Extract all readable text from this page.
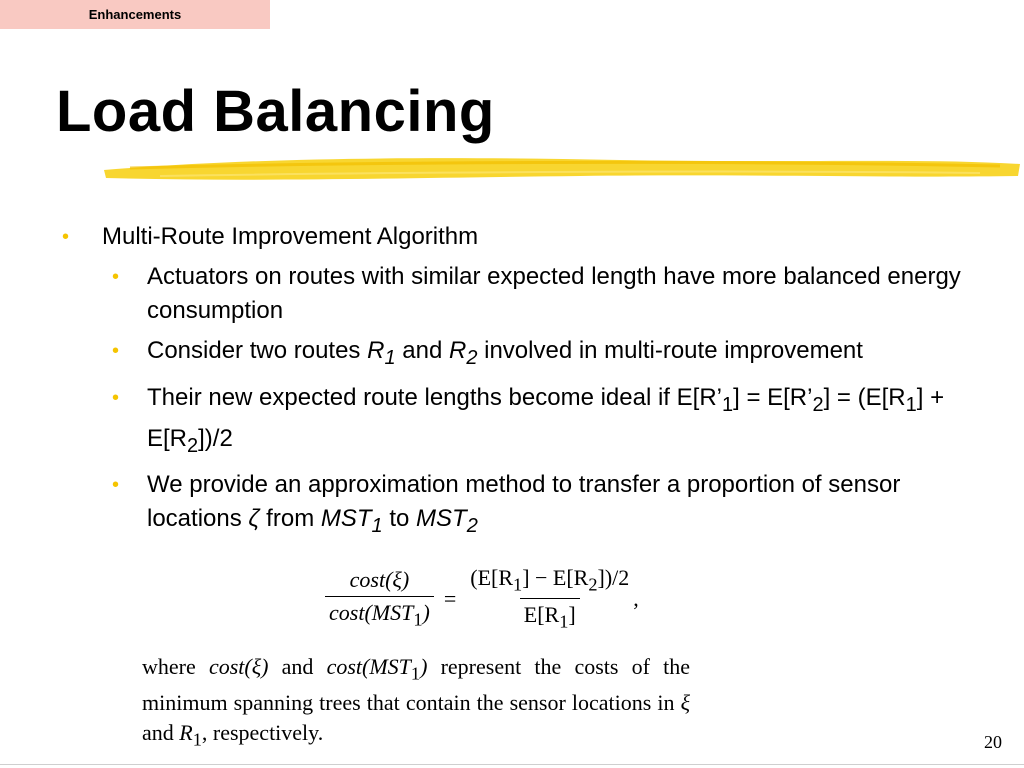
Enhancements
Load Balancing
• Multi-Route Improvement Algorithm
• Actuators on routes with similar expected length have more balanced energy consumption
• Consider two routes $R_1$ and $R_2$ involved in multi-route improvement
• Their new expected route lengths become ideal if $E[R’_1]$ = $E[R’_2] = (E[R_1] + E[R_2])/2$
• We provide an approximation method to transfer a proportion of sensor locations ζ from $MST_1$ to $MST_2$
$\frac{\cos t(\xi)}{\cos t(MST_1)} = \frac{(E[R_1] - E[R_2])/2}{E[R_1]}$ ,
where cost(ξ) and $\cos t(MST_1)$ represent the costs of the minimum spanning trees that contain the sensor locations in ξ and $R_1$, respectively.	20
